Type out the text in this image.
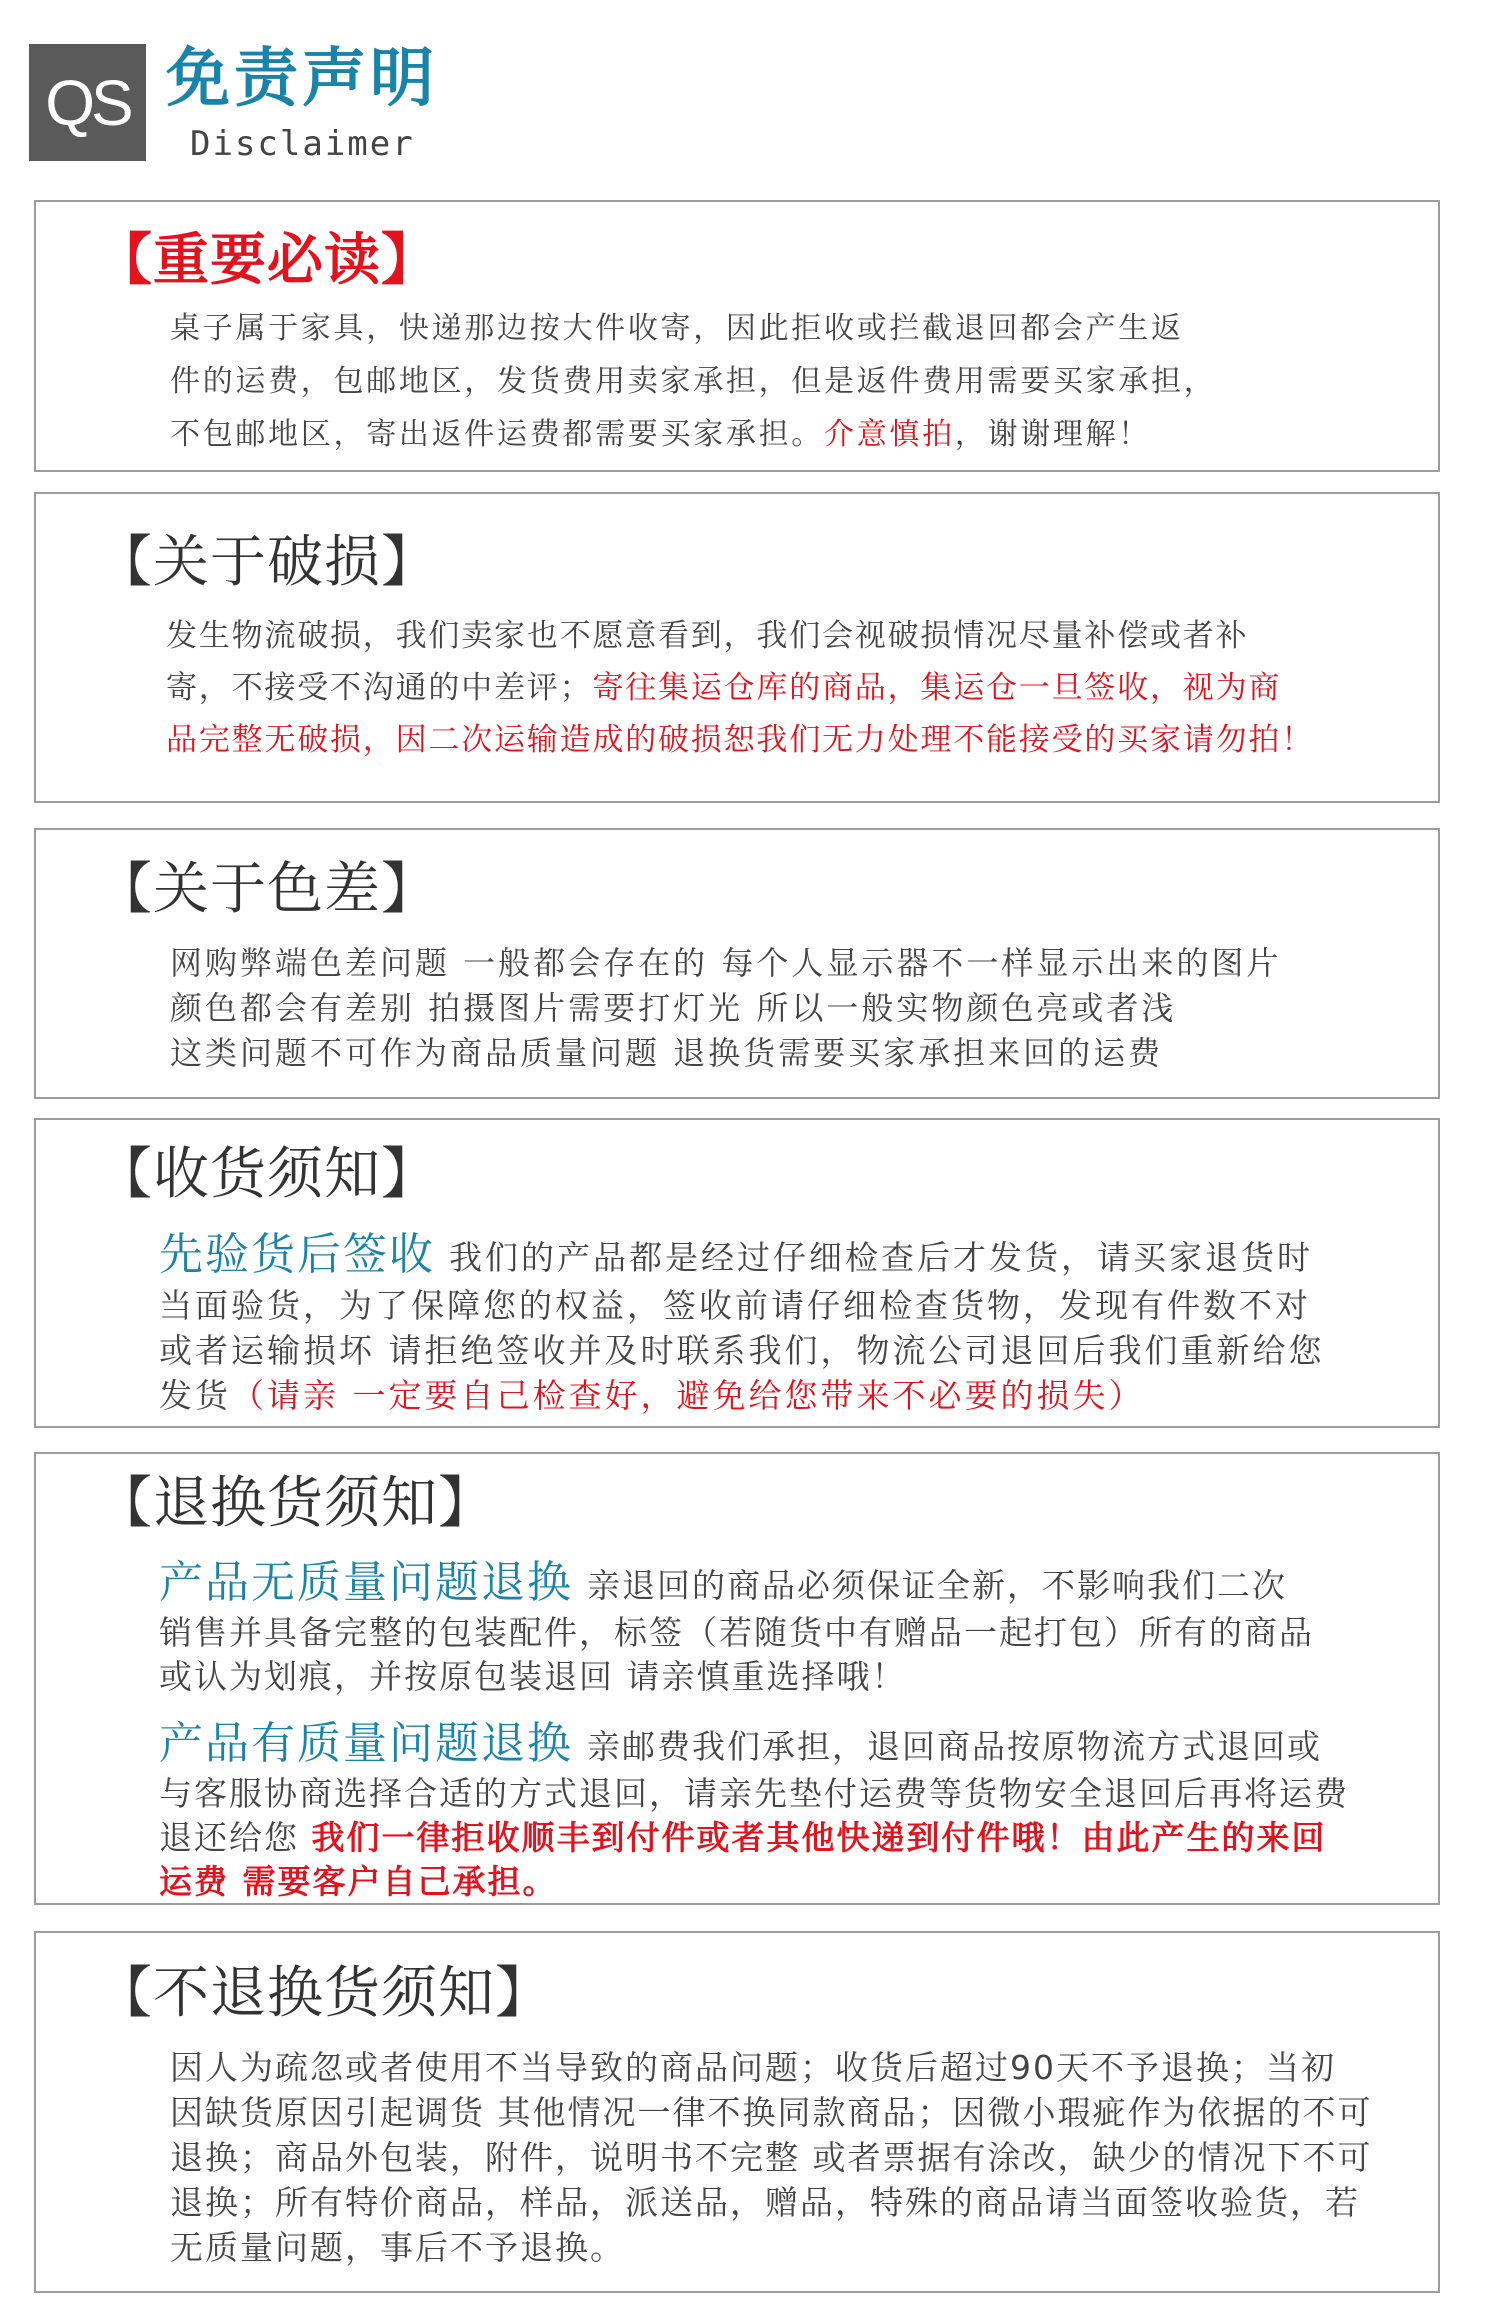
QS 免责声明
Disclaimer
【重要必读】
桌子属于家具，快递那边按大件收寄，因此拒收或拦截退回都会产生返
件的运费，包邮地区，发货费用卖家承担，但是返件费用需要买家承担，
不包邮地区，寄出返件运费都需要买家承担。介意慎拍，谢谢理解！
【关于破损】
发生物流破损，我们卖家也不愿意看到，我们会视破损情况尽量补偿或者补
寄，不接受不沟通的中差评；寄往集运仓库的商品，集运仓一旦签收，视为商
品完整无破损，因二次运输造成的破损恕我们无力处理不能接受的买家请勿拍！
【关于色差】
网购弊端色差问题 一般都会存在的 每个人显示器不一样显示出来的图片
颜色都会有差别 拍摄图片需要打灯光 所以一般实物颜色亮或者浅
这类问题不可作为商品质量问题 退换货需要买家承担来回的运费
【收货须知】
先验货后签收 我们的产品都是经过仔细检查后才发货，请买家退货时
当面验货，为了保障您的权益，签收前请仔细检查货物，发现有件数不对
或者运输损坏 请拒绝签收并及时联系我们，物流公司退回后我们重新给您
发货（请亲 一定要自己检查好，避免给您带来不必要的损失）
【退换货须知】
产品无质量问题退换 亲退回的商品必须保证全新，不影响我们二次
销售并具备完整的包装配件，标签（若随货中有赠品一起打包）所有的商品
或认为划痕，并按原包装退回 请亲慎重选择哦！
产品有质量问题退换 亲邮费我们承担，退回商品按原物流方式退回或
与客服协商选择合适的方式退回，请亲先垫付运费等货物安全退回后再将运费
退还给您 我们一律拒收顺丰到付件或者其他快递到付件哦！由此产生的来回
运费 需要客户自己承担。
【不退换货须知】
因人为疏忽或者使用不当导致的商品问题；收货后超过90天不予退换；当初
因缺货原因引起调货 其他情况一律不换同款商品；因微小瑕疵作为依据的不可
退换；商品外包装，附件，说明书不完整 或者票据有涂改，缺少的情况下不可
退换；所有特价商品，样品，派送品，赠品，特殊的商品请当面签收验货，若
无质量问题，事后不予退换。
